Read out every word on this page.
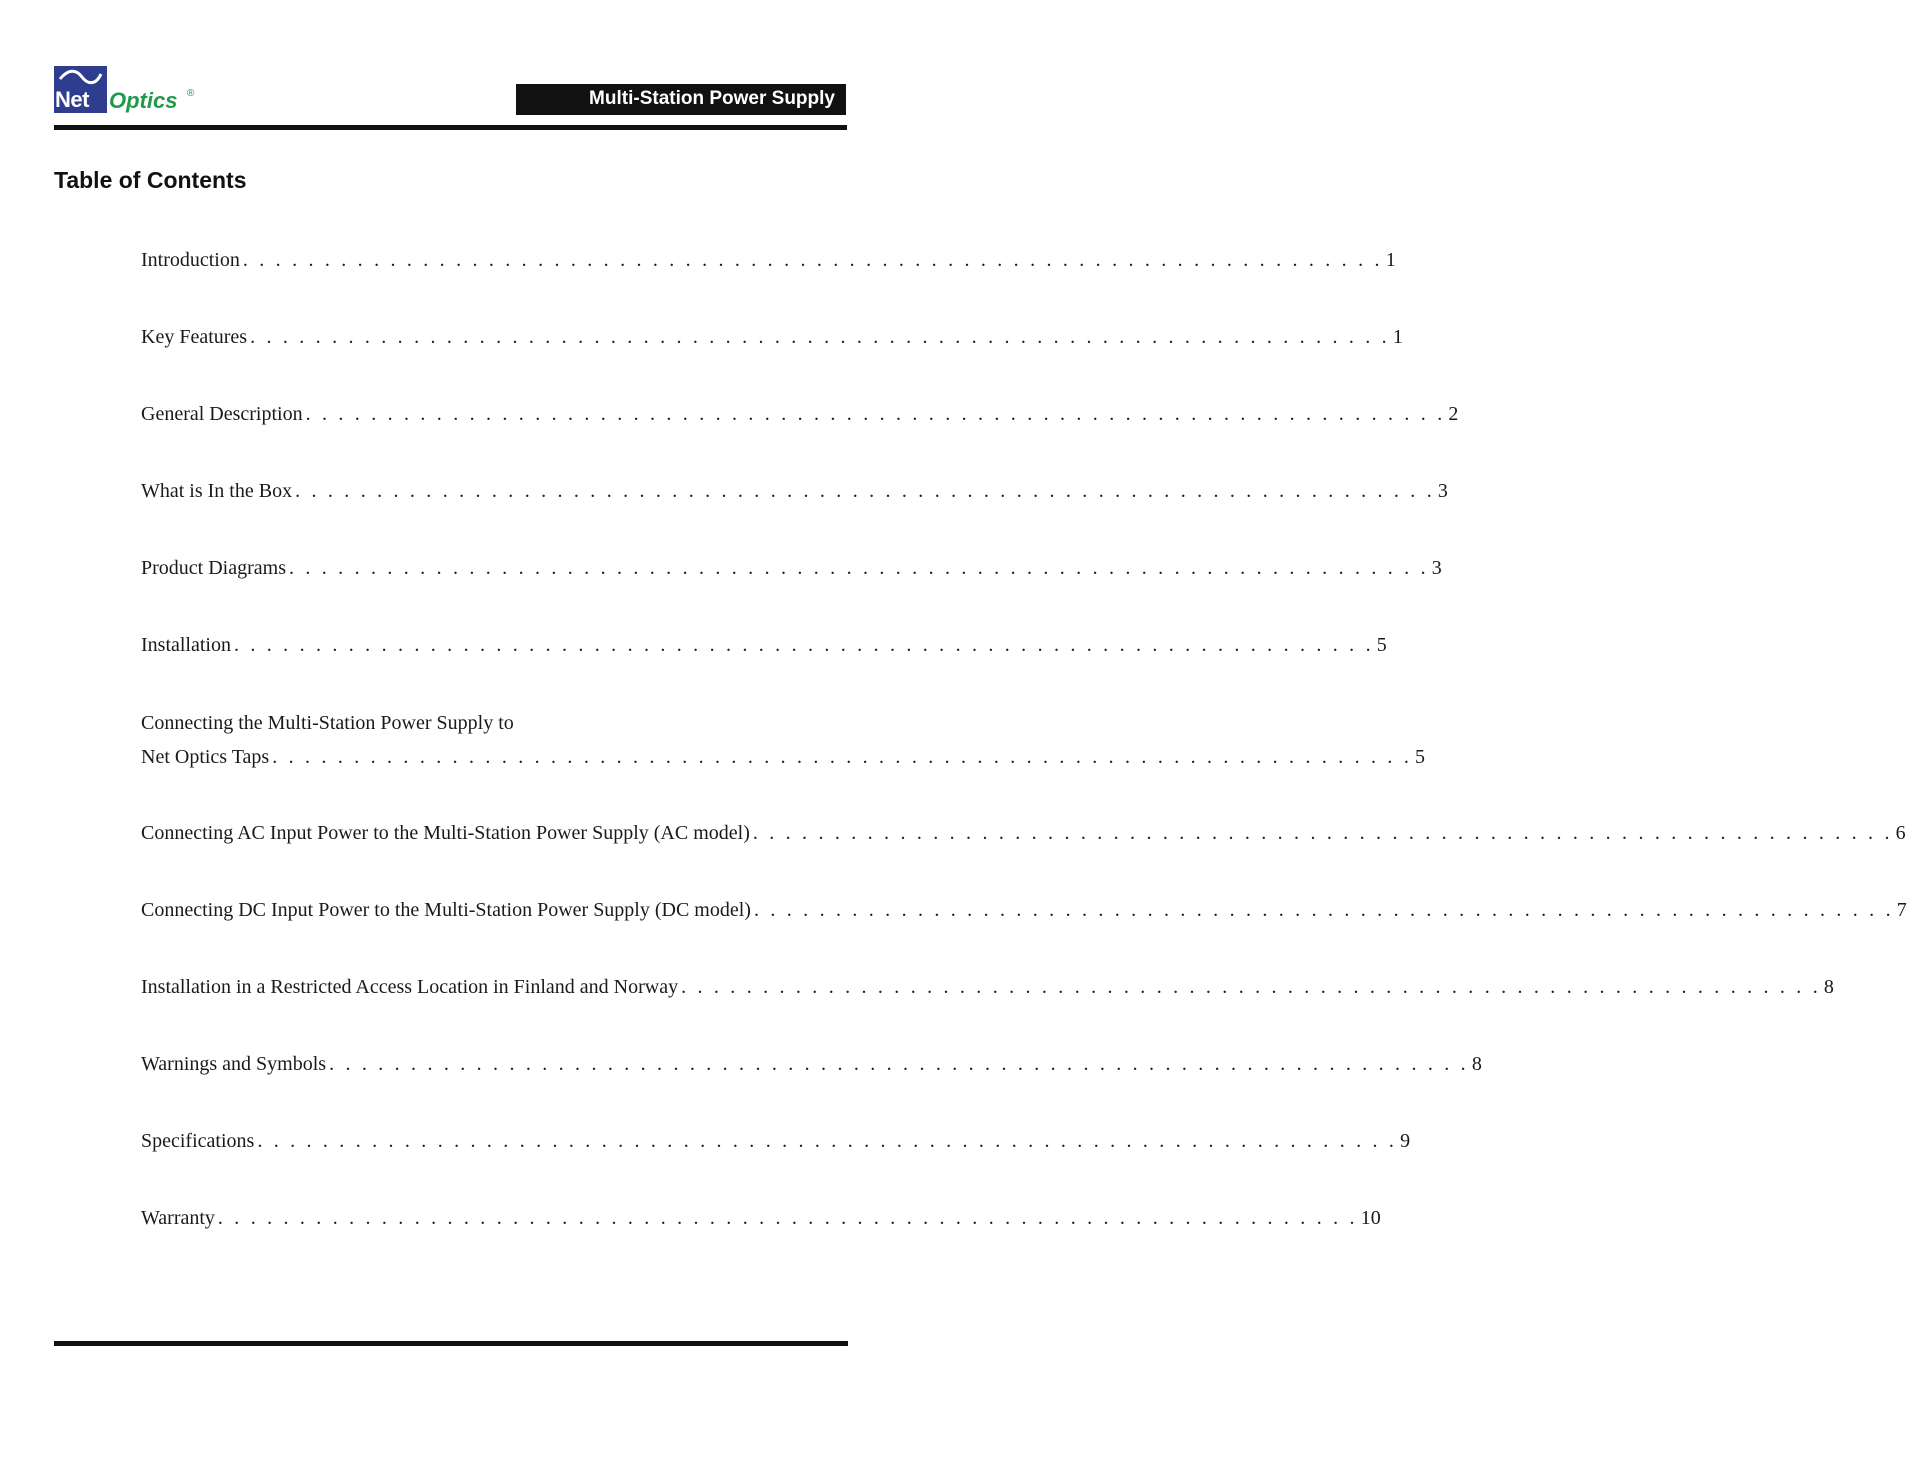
Net Optics ®	Multi-Station Power Supply
Table of Contents
Introduction . . . . . . . . . . . . . . . . . . . . . . . . . . . . . . . . . . . . . . . . . . . . . . . . . . . . . . . . . . . . . . . . . . . . . . 1
Key Features . . . . . . . . . . . . . . . . . . . . . . . . . . . . . . . . . . . . . . . . . . . . . . . . . . . . . . . . . . . . . . . . . . . . . . 1
General Description . . . . . . . . . . . . . . . . . . . . . . . . . . . . . . . . . . . . . . . . . . . . . . . . . . . . . . . . . . . . . . . . . . . . . . 2
What is In the Box . . . . . . . . . . . . . . . . . . . . . . . . . . . . . . . . . . . . . . . . . . . . . . . . . . . . . . . . . . . . . . . . . . . . . . 3
Product Diagrams . . . . . . . . . . . . . . . . . . . . . . . . . . . . . . . . . . . . . . . . . . . . . . . . . . . . . . . . . . . . . . . . . . . . . . 3
Installation . . . . . . . . . . . . . . . . . . . . . . . . . . . . . . . . . . . . . . . . . . . . . . . . . . . . . . . . . . . . . . . . . . . . . . 5
Connecting the Multi-Station Power Supply to
Net Optics Taps . . . . . . . . . . . . . . . . . . . . . . . . . . . . . . . . . . . . . . . . . . . . . . . . . . . . . . . . . . . . . . . . . . . . . . 5
Connecting AC Input Power to the Multi-Station Power Supply (AC model) . . . . . . . . . . . . . . . . . . . . . . . . . . . . . . . . . . . . . . . . . . . . . . . . . . . . . . . . . . . . . . . . . . . . . . 6
Connecting DC Input Power to the Multi-Station Power Supply (DC model) . . . . . . . . . . . . . . . . . . . . . . . . . . . . . . . . . . . . . . . . . . . . . . . . . . . . . . . . . . . . . . . . . . . . . . 7
Installation in a Restricted Access Location in Finland and Norway . . . . . . . . . . . . . . . . . . . . . . . . . . . . . . . . . . . . . . . . . . . . . . . . . . . . . . . . . . . . . . . . . . . . . . 8
Warnings and Symbols . . . . . . . . . . . . . . . . . . . . . . . . . . . . . . . . . . . . . . . . . . . . . . . . . . . . . . . . . . . . . . . . . . . . . . 8
Specifications . . . . . . . . . . . . . . . . . . . . . . . . . . . . . . . . . . . . . . . . . . . . . . . . . . . . . . . . . . . . . . . . . . . . . . 9
Warranty . . . . . . . . . . . . . . . . . . . . . . . . . . . . . . . . . . . . . . . . . . . . . . . . . . . . . . . . . . . . . . . . . . . . . . 10
